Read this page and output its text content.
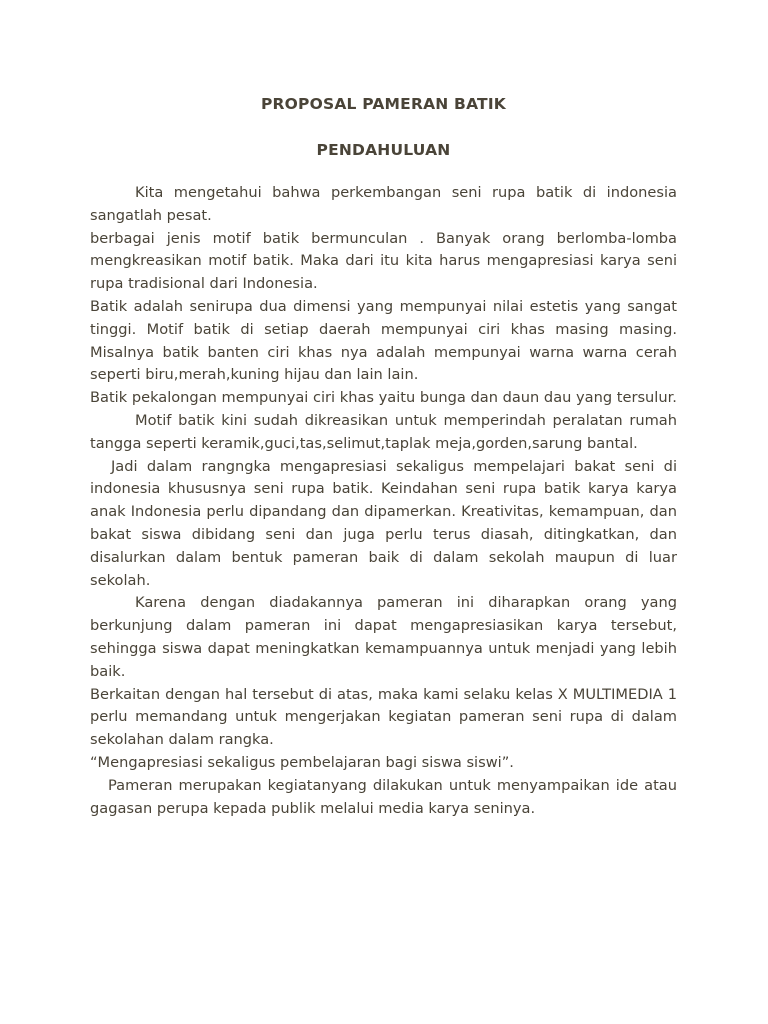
PROPOSAL PAMERAN BATIK
PENDAHULUAN

Kita mengetahui bahwa perkembangan seni rupa batik di indonesia sangatlah pesat.

berbagai jenis motif batik bermunculan . Banyak orang berlomba-lomba mengkreasikan motif batik. Maka dari itu kita harus mengapresiasi karya seni rupa tradisional dari Indonesia.

Batik adalah senirupa dua dimensi yang mempunyai nilai estetis yang sangat tinggi. Motif batik di setiap daerah mempunyai ciri khas masing masing. Misalnya batik banten ciri khas nya adalah mempunyai warna warna cerah seperti biru,merah,kuning hijau dan lain lain.

Batik pekalongan mempunyai ciri khas yaitu bunga dan daun dau yang tersulur.

Motif batik kini sudah dikreasikan untuk memperindah peralatan rumah tangga seperti keramik,guci,tas,selimut,taplak meja,gorden,sarung bantal.

Jadi dalam rangngka mengapresiasi sekaligus mempelajari bakat seni di indonesia khususnya seni rupa batik. Keindahan seni rupa batik karya karya anak Indonesia perlu dipandang dan dipamerkan. Kreativitas, kemampuan, dan bakat siswa dibidang seni dan juga perlu terus diasah, ditingkatkan, dan disalurkan dalam bentuk pameran baik di dalam sekolah maupun di luar sekolah.

Karena dengan diadakannya pameran ini diharapkan orang yang berkunjung dalam pameran ini dapat mengapresiasikan karya tersebut, sehingga siswa dapat meningkatkan kemampuannya untuk menjadi yang lebih baik.

Berkaitan dengan hal tersebut di atas, maka kami selaku kelas X MULTIMEDIA 1 perlu memandang untuk mengerjakan kegiatan pameran seni rupa di dalam sekolahan dalam rangka.

“Mengapresiasi sekaligus pembelajaran bagi siswa siswi”.

Pameran merupakan kegiatanyang dilakukan untuk menyampaikan ide atau gagasan perupa kepada publik melalui media karya seninya.
